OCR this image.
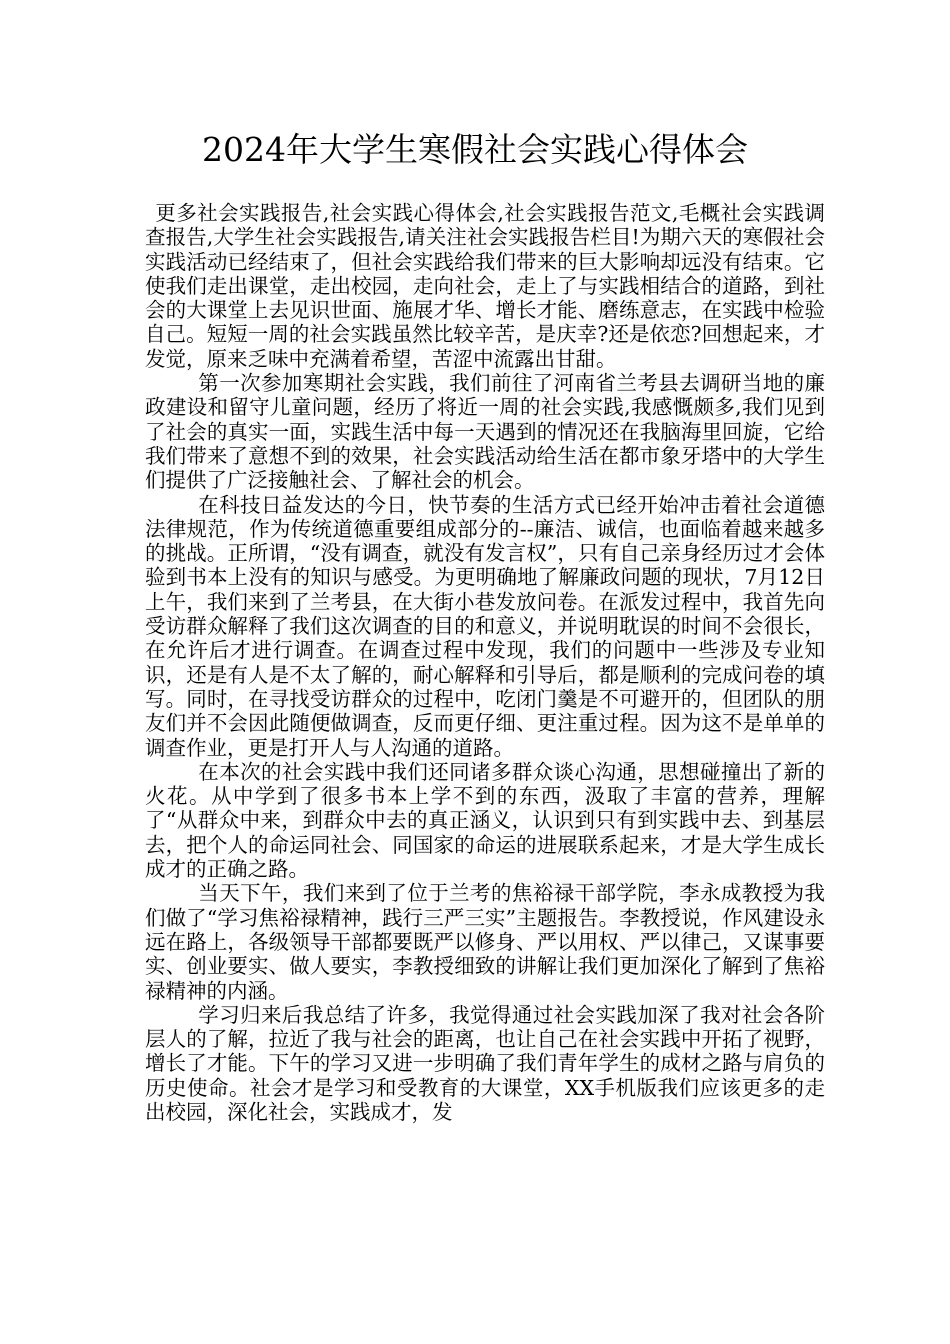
2024年大学生寒假社会实践心得体会

更多社会实践报告,社会实践心得体会,社会实践报告范文,毛概社会实践调查报告,大学生社会实践报告,请关注社会实践报告栏目!为期六天的寒假社会实践活动已经结束了，但社会实践给我们带来的巨大影响却远没有结束。它使我们走出课堂，走出校园，走向社会，走上了与实践相结合的道路，到社会的大课堂上去见识世面、施展才华、增长才能、磨练意志，在实践中检验自己。短短一周的社会实践虽然比较辛苦，是庆幸?还是依恋?回想起来，才发觉，原来乏味中充满着希望，苦涩中流露出甘甜。

第一次参加寒期社会实践，我们前往了河南省兰考县去调研当地的廉政建设和留守儿童问题，经历了将近一周的社会实践,我感慨颇多,我们见到了社会的真实一面，实践生活中每一天遇到的情况还在我脑海里回旋，它给我们带来了意想不到的效果，社会实践活动给生活在都市象牙塔中的大学生们提供了广泛接触社会、了解社会的机会。

在科技日益发达的今日，快节奏的生活方式已经开始冲击着社会道德法律规范，作为传统道德重要组成部分的--廉洁、诚信，也面临着越来越多的挑战。正所谓，“没有调查，就没有发言权”，只有自己亲身经历过才会体验到书本上没有的知识与感受。为更明确地了解廉政问题的现状，7月12日上午，我们来到了兰考县，在大街小巷发放问卷。在派发过程中，我首先向受访群众解释了我们这次调查的目的和意义，并说明耽误的时间不会很长，在允许后才进行调查。在调查过程中发现，我们的问题中一些涉及专业知识，还是有人是不太了解的，耐心解释和引导后，都是顺利的完成问卷的填写。同时，在寻找受访群众的过程中，吃闭门羹是不可避开的，但团队的朋友们并不会因此随便做调查，反而更仔细、更注重过程。因为这不是单单的调查作业，更是打开人与人沟通的道路。

在本次的社会实践中我们还同诸多群众谈心沟通，思想碰撞出了新的火花。从中学到了很多书本上学不到的东西，汲取了丰富的营养，理解了“从群众中来，到群众中去的真正涵义，认识到只有到实践中去、到基层去，把个人的命运同社会、同国家的命运的进展联系起来，才是大学生成长成才的正确之路。

当天下午，我们来到了位于兰考的焦裕禄干部学院，李永成教授为我们做了“学习焦裕禄精神，践行三严三实”主题报告。李教授说，作风建设永远在路上，各级领导干部都要既严以修身、严以用权、严以律己，又谋事要实、创业要实、做人要实，李教授细致的讲解让我们更加深化了解到了焦裕禄精神的内涵。

学习归来后我总结了许多，我觉得通过社会实践加深了我对社会各阶层人的了解，拉近了我与社会的距离，也让自己在社会实践中开拓了视野，增长了才能。下午的学习又进一步明确了我们青年学生的成材之路与肩负的历史使命。社会才是学习和受教育的大课堂，XX手机版我们应该更多的走出校园，深化社会，实践成才，发
